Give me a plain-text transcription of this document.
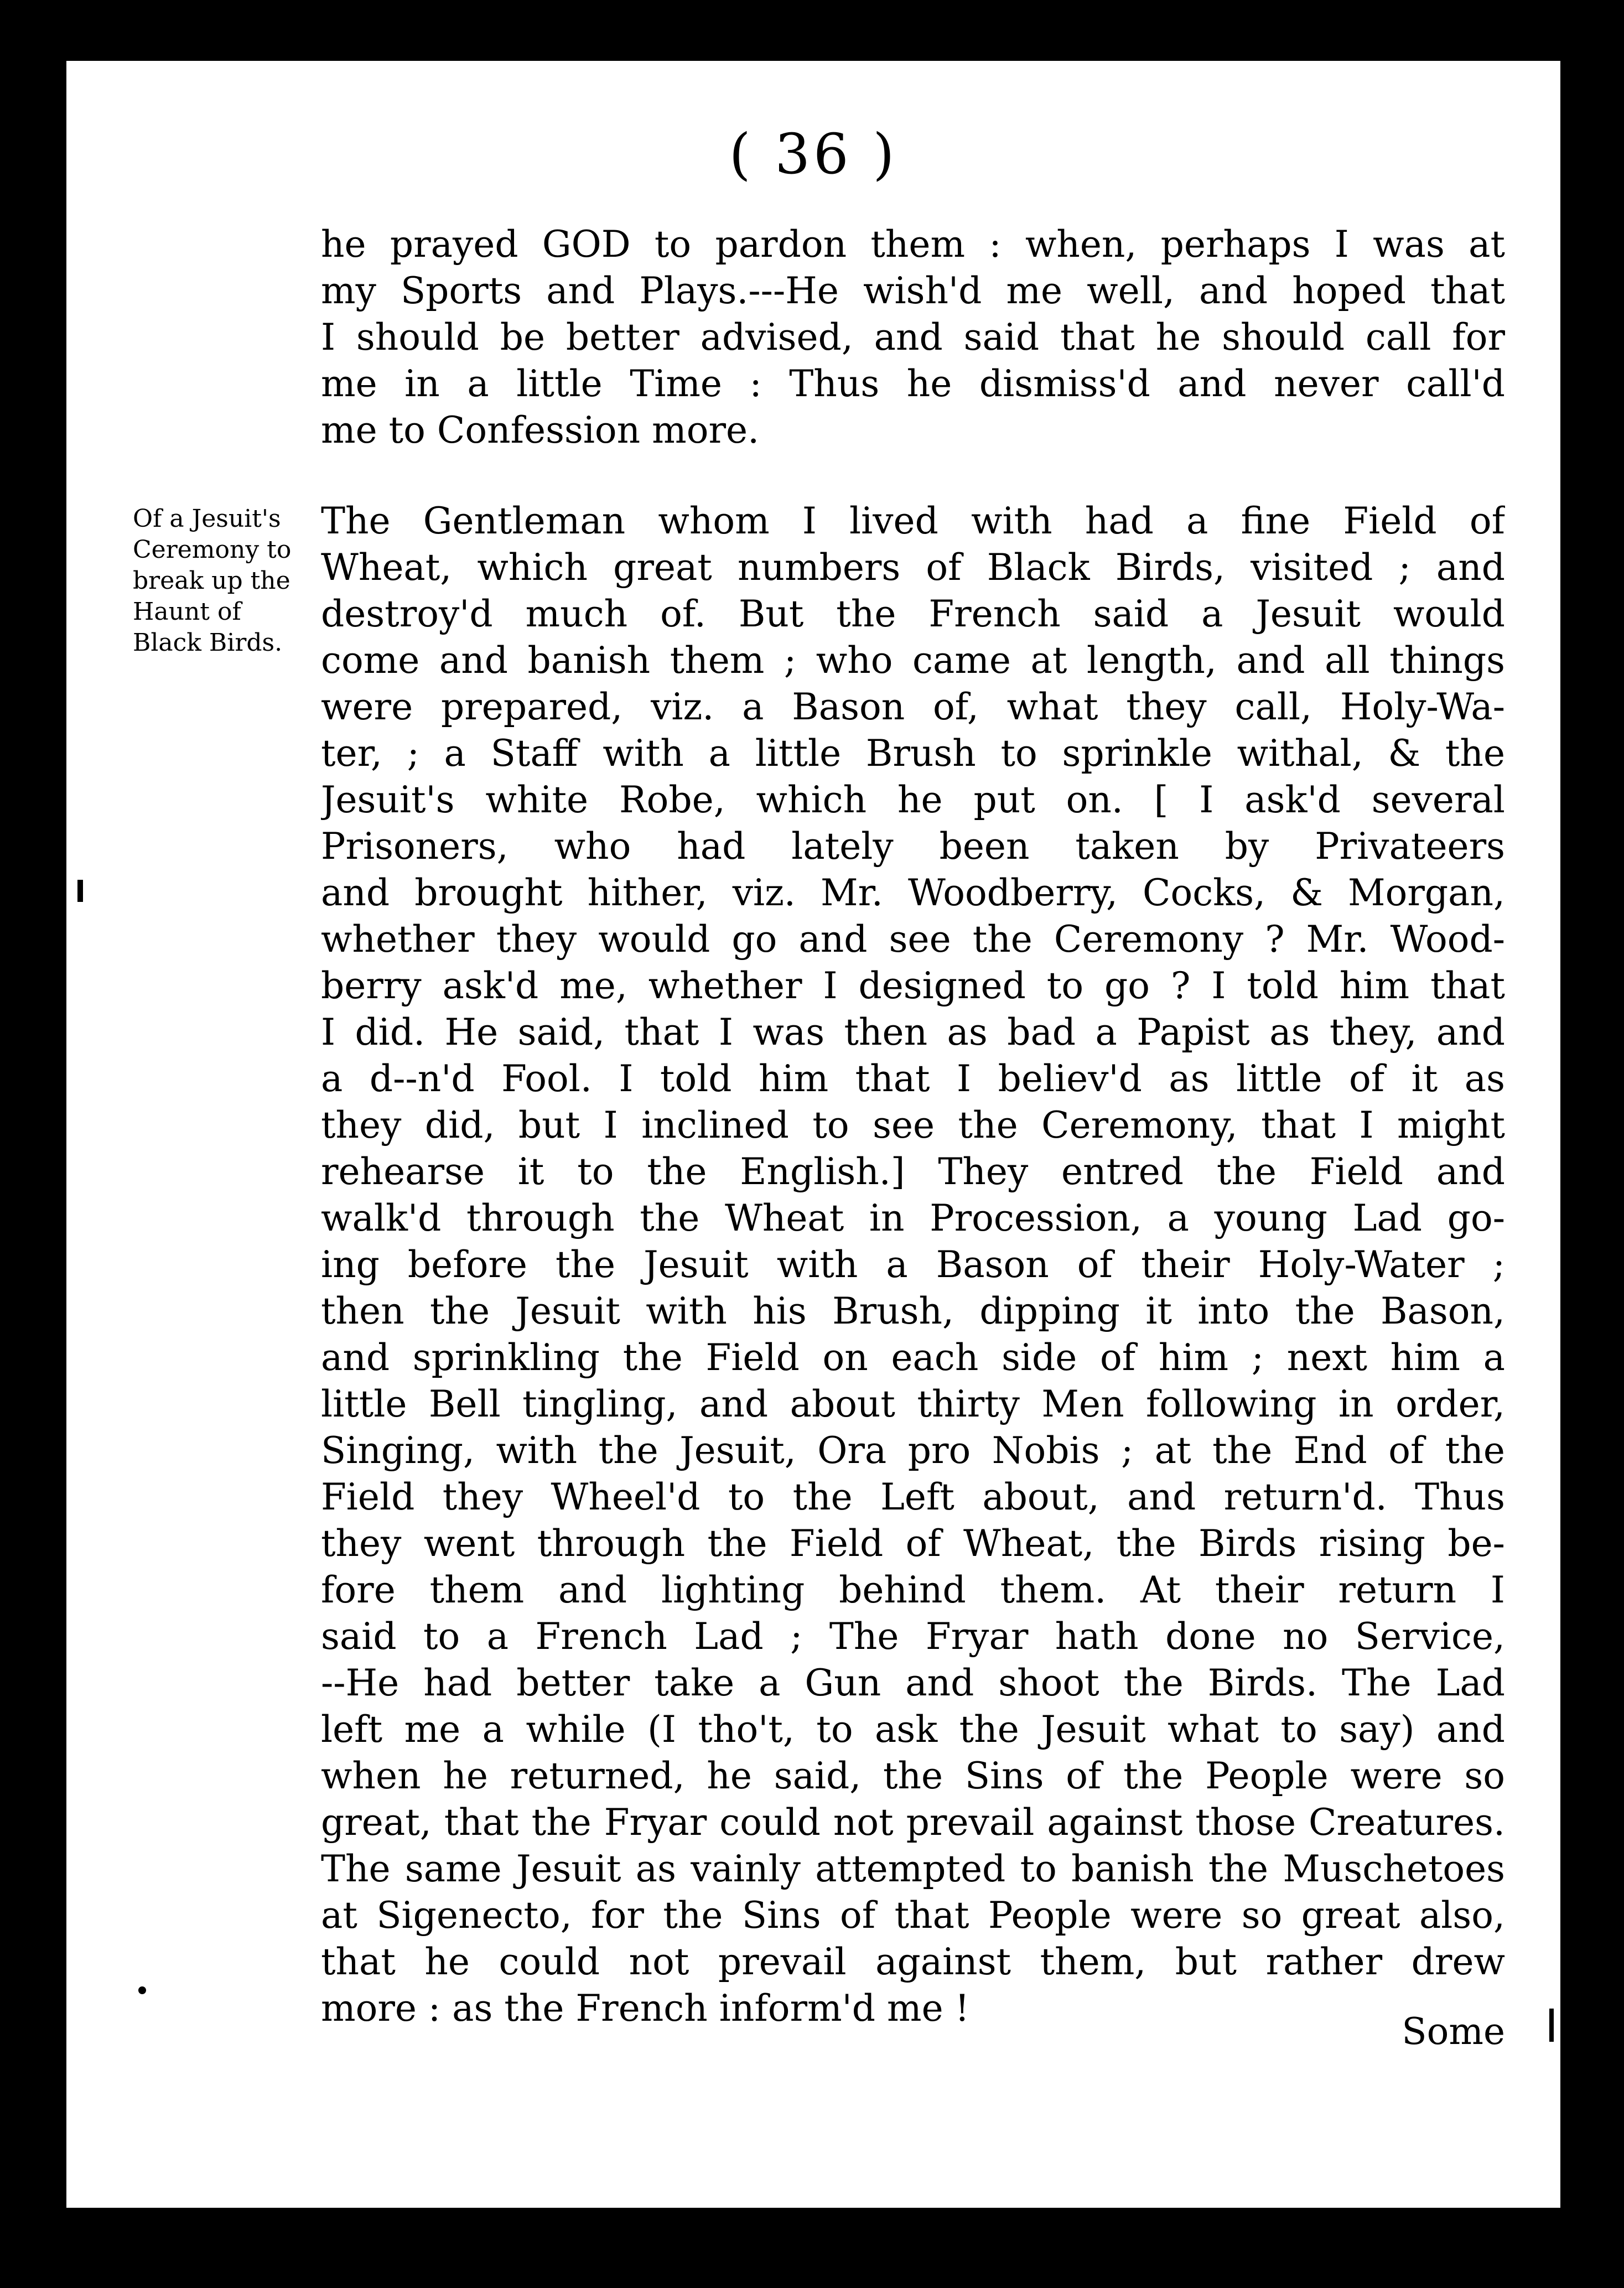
( 36 )
he prayed GOD to pardon them : when, perhaps I was at
my Sports and Plays.---He wish'd me well, and hoped that
I should be better advised, and said that he should call for
me in a little Time : Thus he dismiss'd and never call'd
me to Confession more.
Of a Jesuit's
Ceremony to
break up the
Haunt of
Black Birds.
The Gentleman whom I lived with had a fine Field of
Wheat, which great numbers of Black Birds, visited ; and
destroy'd much of. But the French said a Jesuit would
come and banish them ; who came at length, and all things
were prepared, viz. a Bason of, what they call, Holy-Wa-
ter, ; a Staff with a little Brush to sprinkle withal, & the
Jesuit's white Robe, which he put on. [ I ask'd several
Prisoners, who had lately been taken by Privateers
and brought hither, viz. Mr. Woodberry, Cocks, & Morgan,
whether they would go and see the Ceremony ? Mr. Wood-
berry ask'd me, whether I designed to go ? I told him that
I did. He said, that I was then as bad a Papist as they, and
a d--n'd Fool. I told him that I believ'd as little of it as
they did, but I inclined to see the Ceremony, that I might
rehearse it to the English.] They entred the Field and
walk'd through the Wheat in Procession, a young Lad go-
ing before the Jesuit with a Bason of their Holy-Water ;
then the Jesuit with his Brush, dipping it into the Bason,
and sprinkling the Field on each side of him ; next him a
little Bell tingling, and about thirty Men following in order,
Singing, with the Jesuit, Ora pro Nobis ; at the End of the
Field they Wheel'd to the Left about, and return'd. Thus
they went through the Field of Wheat, the Birds rising be-
fore them and lighting behind them. At their return I
said to a French Lad ; The Fryar hath done no Service,
--He had better take a Gun and shoot the Birds. The Lad
left me a while (I tho't, to ask the Jesuit what to say) and
when he returned, he said, the Sins of the People were so
great, that the Fryar could not prevail against those Creatures.
The same Jesuit as vainly attempted to banish the Muschetoes
at Sigenecto, for the Sins of that People were so great also,
that he could not prevail against them, but rather drew
more : as the French inform'd me !
Some
